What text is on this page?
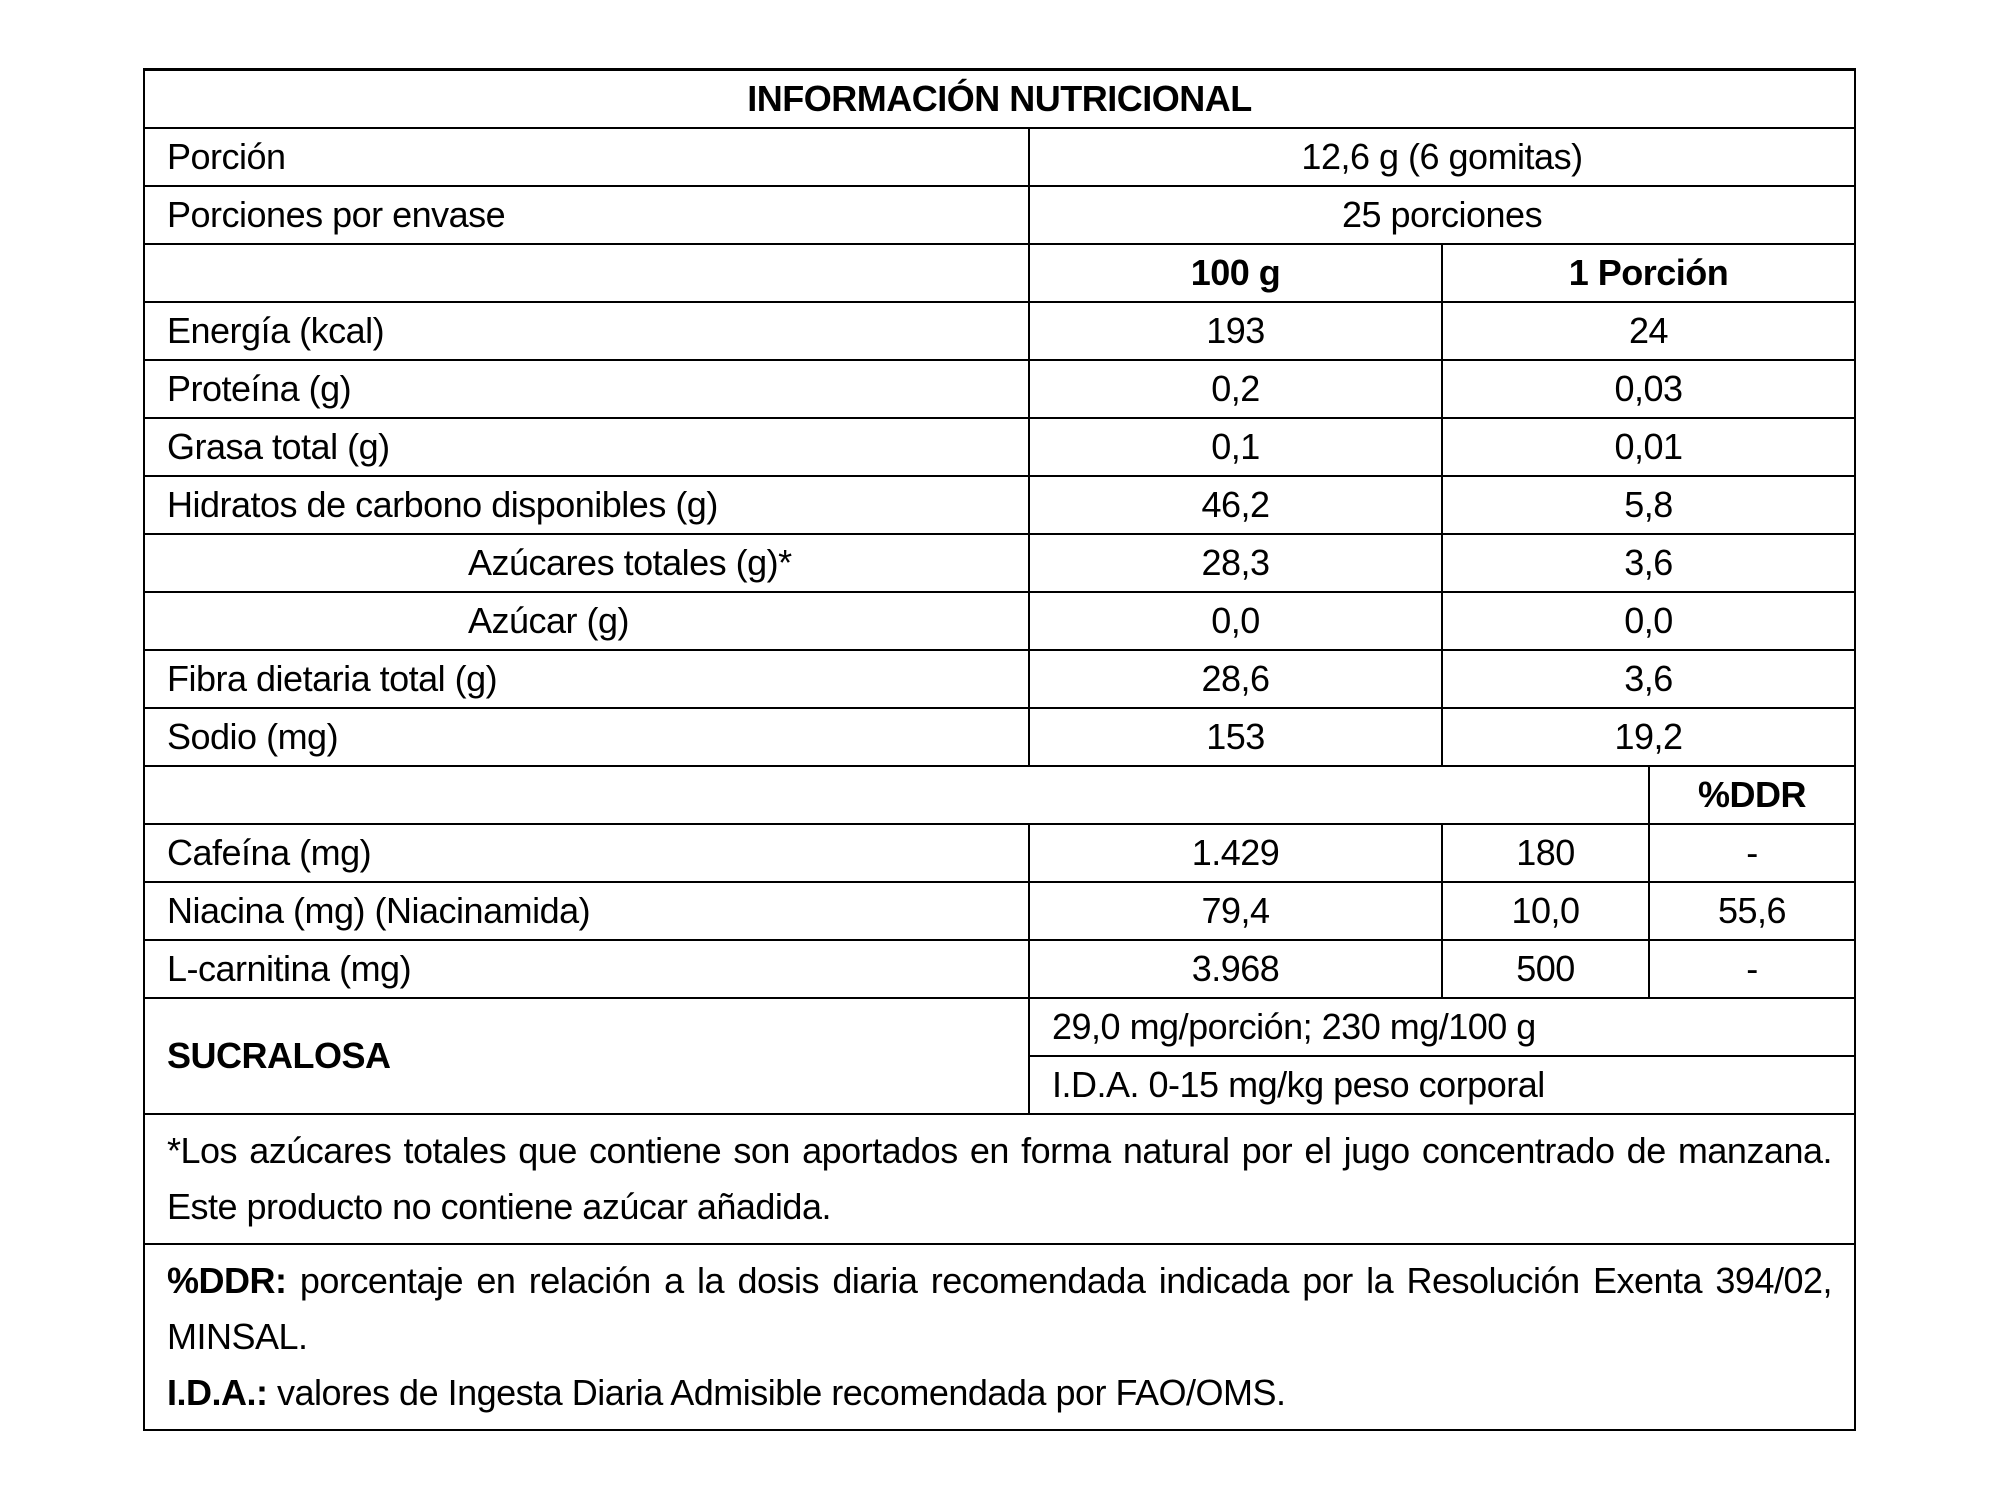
INFORMACIÓN NUTRICIONAL			
Porción	12,6 g (6 gomitas)		
Porciones por envase	25 porciones		
	100 g	1 Porción	
Energía (kcal)	193	24	
Proteína (g)	0,2	0,03	
Grasa total (g)	0,1	0,01	
Hidratos de carbono disponibles (g)	46,2	5,8	
Azúcares totales (g)*	28,3	3,6	
Azúcar (g)	0,0	0,0	
Fibra dietaria total (g)	28,6	3,6	
Sodio (mg)	153	19,2	
			%DDR
Cafeína (mg)	1.429	180	-
Niacina (mg) (Niacinamida)	79,4	10,0	55,6
L-carnitina (mg)	3.968	500	-
SUCRALOSA	29,0 mg/porción; 230 mg/100 g		
	I.D.A. 0-15 mg/kg peso corporal		
*Los azúcares totales que contiene son aportados en forma natural por el jugo concentrado de manzana. Este producto no contiene azúcar añadida.			

%DDR: porcentaje en relación a la dosis diaria recomendada indicada por la Resolución Exenta 394/02, MINSAL.

I.D.A.: valores de Ingesta Diaria Admisible recomendada por FAO/OMS.			
